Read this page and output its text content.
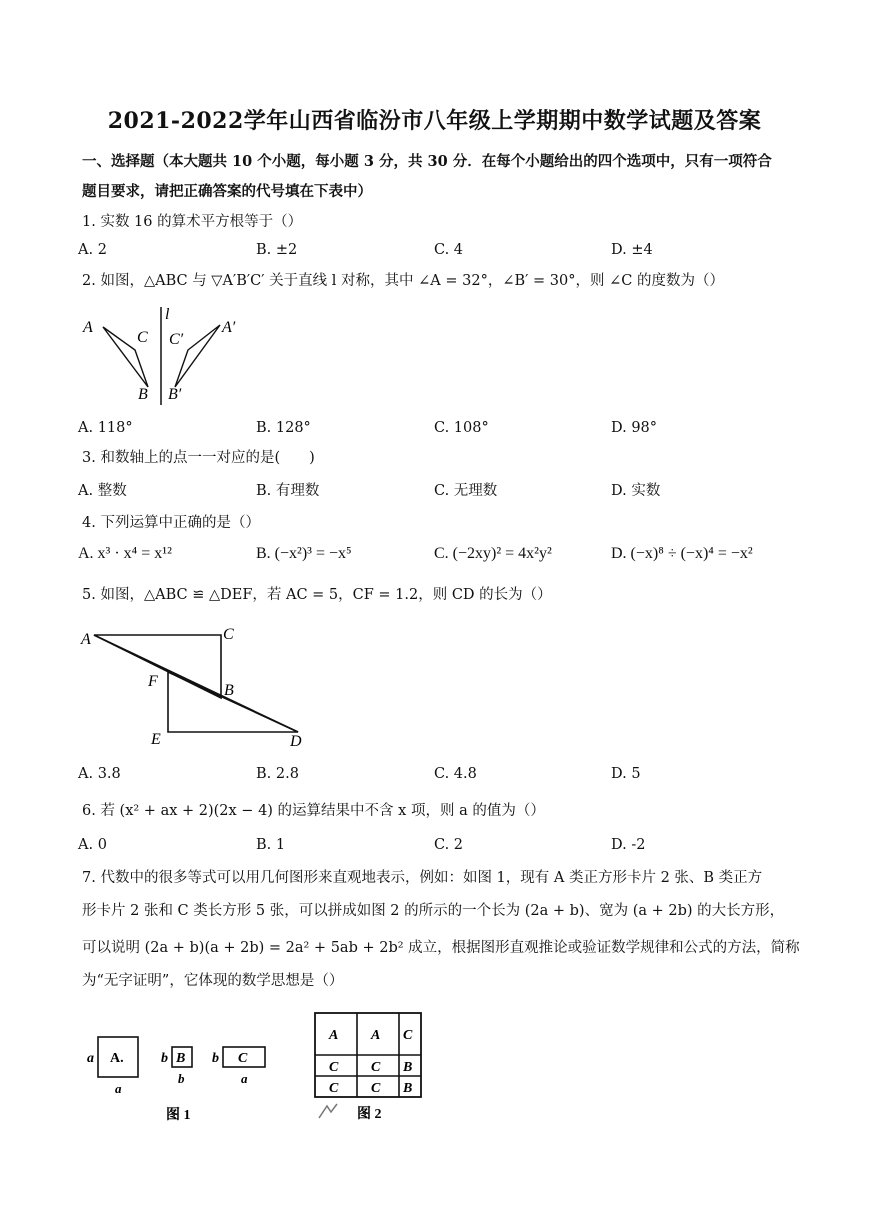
2021-2022学年山西省临汾市八年级上学期期中数学试题及答案
一、选择题（本大题共 10 个小题，每小题 3 分，共 30 分．在每个小题给出的四个选项中，只有一项符合
题目要求，请把正确答案的代号填在下表中）
1. 实数 16 的算术平方根等于（）
A. 2	B. ±2	C. 4	D. ±4
2. 如图，△ABC 与 ▽A′B′C′ 关于直线 l 对称，其中 ∠A = 32°，∠B′ = 30°，则 ∠C 的度数为（）
A
C
B
l
C′
A′
B′
A. 118°	B. 128°	C. 108°	D. 98°
3. 和数轴上的点一一对应的是(　　)
A. 整数	B. 有理数	C. 无理数	D. 实数
4. 下列运算中正确的是（）
A. x³ · x⁴ = x¹²	B. (−x²)³ = −x⁵	C. (−2xy)² = 4x²y²	D. (−x)⁸ ÷ (−x)⁴ = −x²
5. 如图，△ABC ≌ △DEF，若 AC = 5，CF = 1.2，则 CD 的长为（）
A	C
F
B
E	D
A. 3.8	B. 2.8	C. 4.8	D. 5
6. 若 (x² + ax + 2)(2x − 4) 的运算结果中不含 x 项，则 a 的值为（）
A. 0	B. 1	C. 2	D. -2
7. 代数中的很多等式可以用几何图形来直观地表示，例如：如图 1，现有 A 类正方形卡片 2 张、B 类正方
形卡片 2 张和 C 类长方形 5 张，可以拼成如图 2 的所示的一个长为 (2a + b)、宽为 (a + 2b) 的大长方形，
可以说明 (2a + b)(a + 2b) = 2a² + 5ab + 2b² 成立，根据图形直观推论或验证数学规律和公式的方法，简称
为“无字证明”，它体现的数学思想是（）
a A.
a
b B
b
b C
a
图 1
A A C
C C B
C C B
图 2
